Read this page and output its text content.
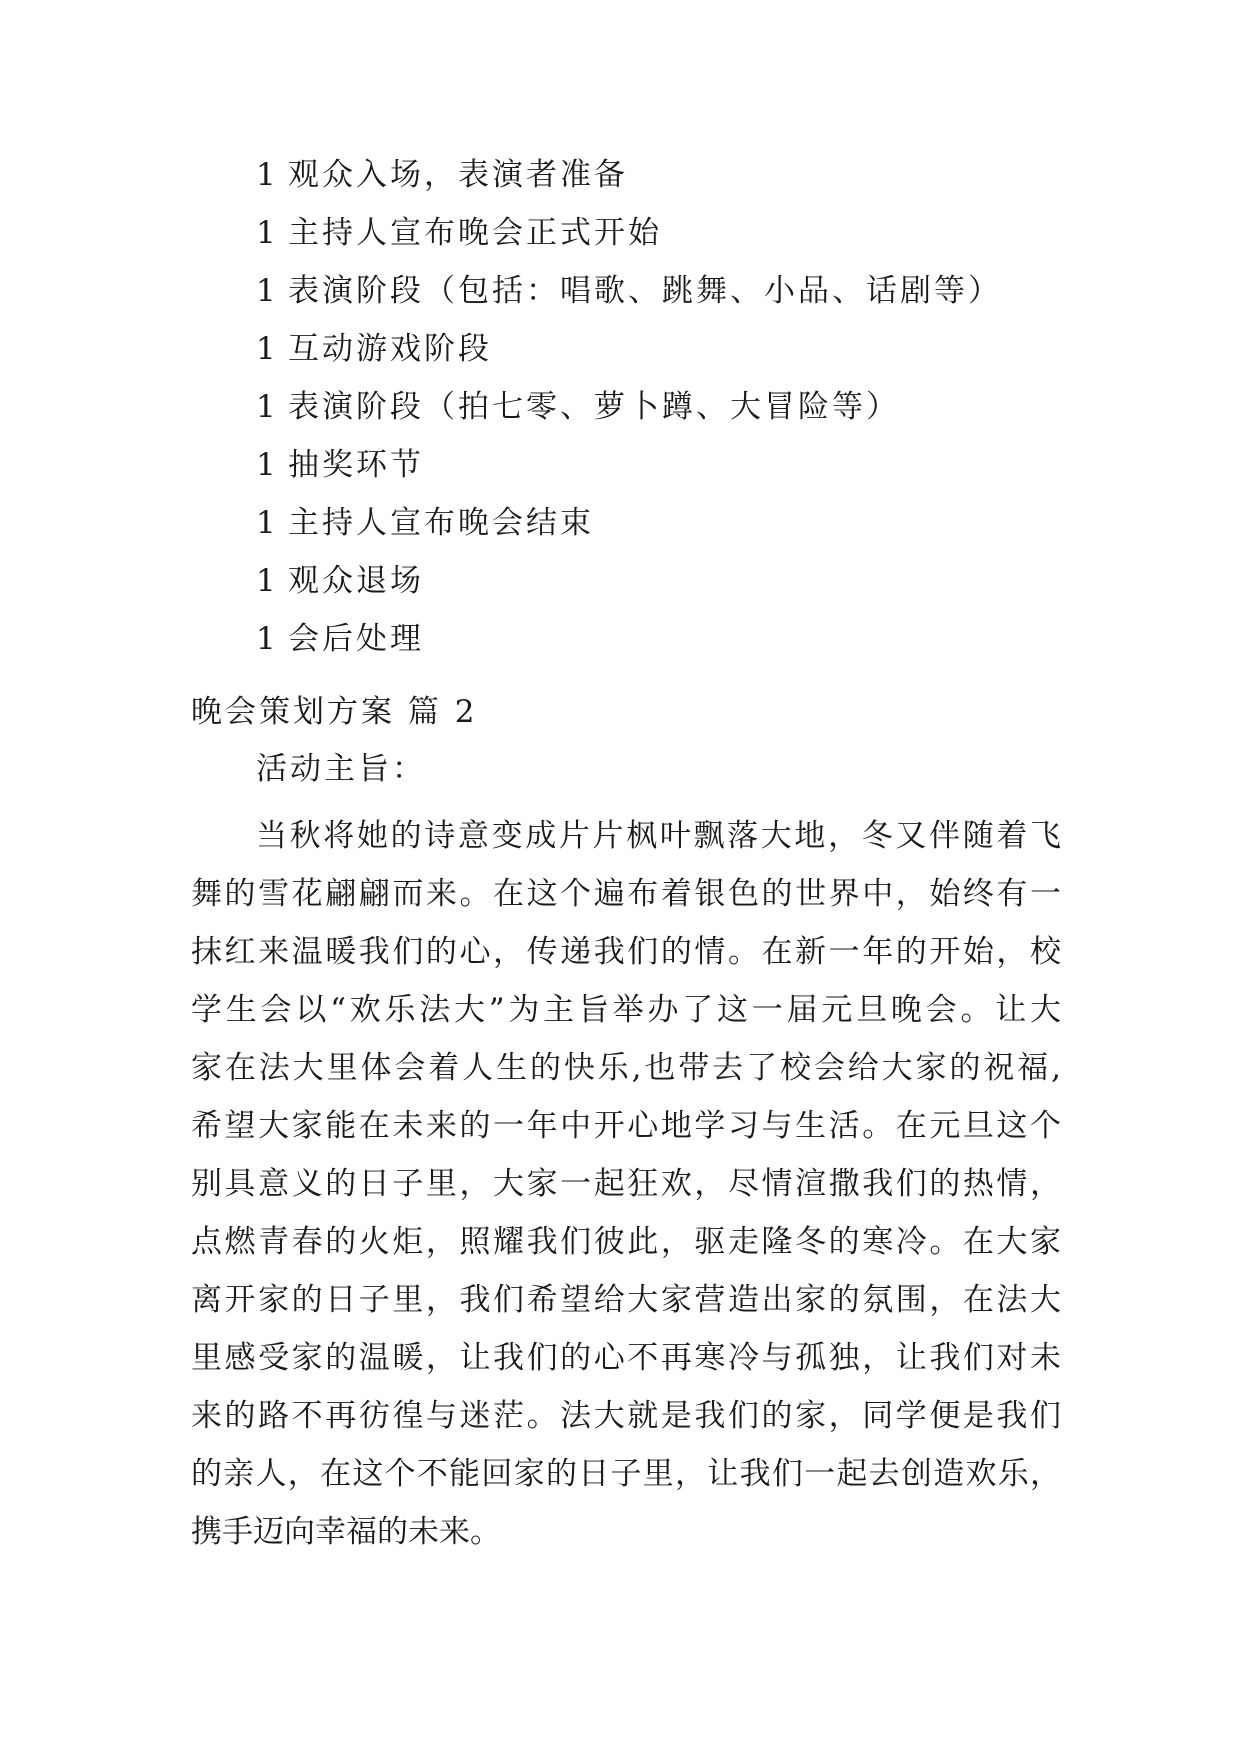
1 观众入场，表演者准备
1 主持人宣布晚会正式开始
1 表演阶段（包括：唱歌、跳舞、小品、话剧等）
1 互动游戏阶段
1 表演阶段（拍七零、萝卜蹲、大冒险等）
1 抽奖环节
1 主持人宣布晚会结束
1 观众退场
1 会后处理
晚会策划方案 篇 2
活动主旨：
当秋将她的诗意变成片片枫叶飘落大地，冬又伴随着飞
舞的雪花翩翩而来。在这个遍布着银色的世界中，始终有一
抹红来温暖我们的心，传递我们的情。在新一年的开始，校
学生会以“欢乐法大”为主旨举办了这一届元旦晚会。让大
家在法大里体会着人生的快乐,也带去了校会给大家的祝福,
希望大家能在未来的一年中开心地学习与生活。在元旦这个
别具意义的日子里，大家一起狂欢，尽情渲撒我们的热情，
点燃青春的火炬，照耀我们彼此，驱走隆冬的寒冷。在大家
离开家的日子里，我们希望给大家营造出家的氛围，在法大
里感受家的温暖，让我们的心不再寒冷与孤独，让我们对未
来的路不再彷徨与迷茫。法大就是我们的家，同学便是我们
的亲人，在这个不能回家的日子里，让我们一起去创造欢乐，
携手迈向幸福的未来。
